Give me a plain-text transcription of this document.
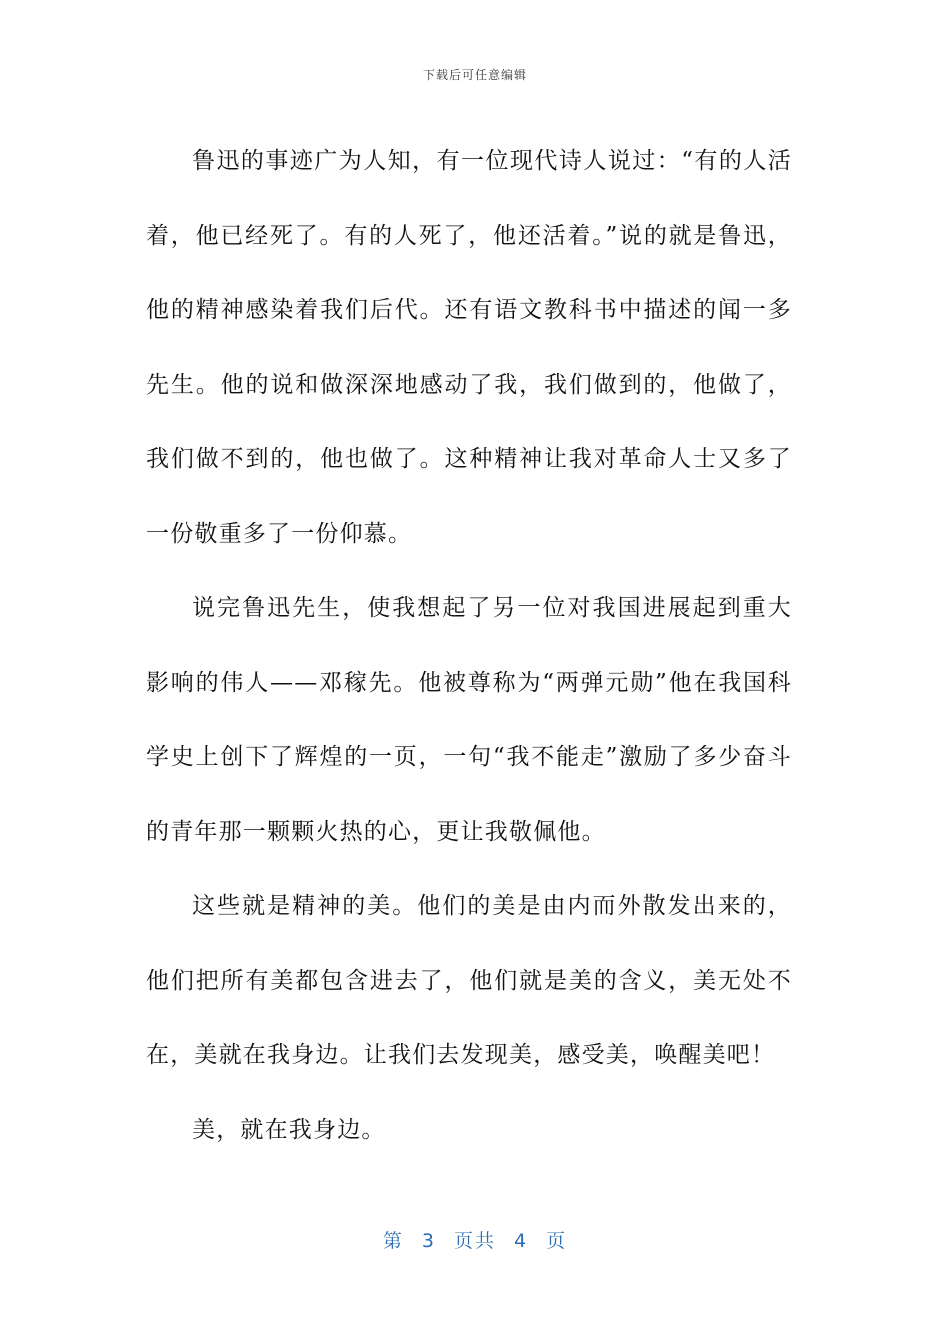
下载后可任意编辑

鲁迅的事迹广为人知，有一位现代诗人说过：“有的人活着，他已经死了。有的人死了，他还活着。”说的就是鲁迅，他的精神感染着我们后代。还有语文教科书中描述的闻一多先生。他的说和做深深地感动了我，我们做到的，他做了，我们做不到的，他也做了。这种精神让我对革命人士又多了一份敬重多了一份仰慕。

说完鲁迅先生，使我想起了另一位对我国进展起到重大影响的伟人——邓稼先。他被尊称为“两弹元勋”他在我国科学史上创下了辉煌的一页，一句“我不能走”激励了多少奋斗的青年那一颗颗火热的心，更让我敬佩他。

这些就是精神的美。他们的美是由内而外散发出来的，他们把所有美都包含进去了，他们就是美的含义，美无处不在，美就在我身边。让我们去发现美，感受美，唤醒美吧！

美，就在我身边。

第 3 页共 4 页
